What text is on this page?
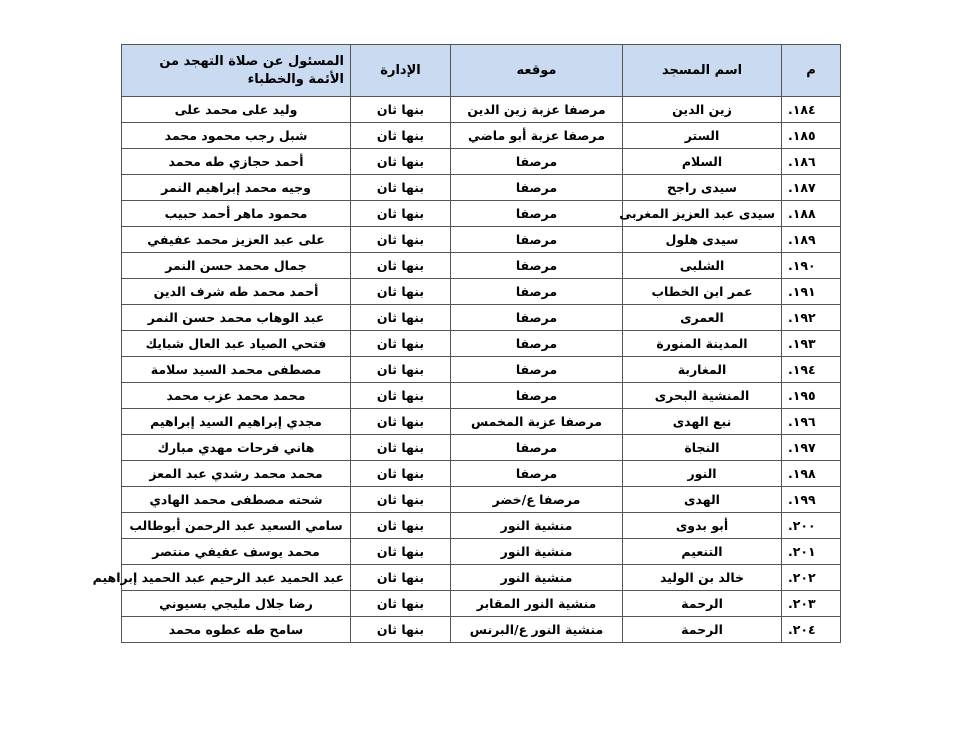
م	اسم المسجد	موقعه	الإدارة	المسئول عن صلاة التهجد من الأئمة والخطباء
١٨٤.	زين الدين	مرصفا عزبة زين الدين	بنها ثان	وليد على محمد على
١٨٥.	الستر	مرصفا عزبة أبو ماضي	بنها ثان	شبل رجب محمود محمد
١٨٦.	السلام	مرصفا	بنها ثان	أحمد حجازي طه محمد
١٨٧.	سيدى راجح	مرصفا	بنها ثان	وجيه محمد إبراهيم النمر
١٨٨.	سيدى عبد العزيز المغربى	مرصفا	بنها ثان	محمود ماهر أحمد حبيب
١٨٩.	سيدى هلول	مرصفا	بنها ثان	على عبد العزيز محمد عفيفي
١٩٠.	الشلبى	مرصفا	بنها ثان	جمال محمد حسن النمر
١٩١.	عمر ابن الخطاب	مرصفا	بنها ثان	أحمد محمد طه شرف الدين
١٩٢.	العمرى	مرصفا	بنها ثان	عبد الوهاب محمد حسن النمر
١٩٣.	المدينة المنورة	مرصفا	بنها ثان	فتحي الصياد عبد العال شبايك
١٩٤.	المغاربة	مرصفا	بنها ثان	مصطفى محمد السيد سلامة
١٩٥.	المنشية البحرى	مرصفا	بنها ثان	محمد محمد عزب محمد
١٩٦.	نبع الهدى	مرصفا عزبة المخمس	بنها ثان	مجدي إبراهيم السيد إبراهيم
١٩٧.	النجاة	مرصفا	بنها ثان	هاني فرحات مهدي مبارك
١٩٨.	النور	مرصفا	بنها ثان	محمد محمد رشدي عبد المعز
١٩٩.	الهدى	مرصفا ع/خضر	بنها ثان	شحته مصطفى محمد الهادي
٢٠٠.	أبو بدوى	منشية النور	بنها ثان	سامي السعيد عبد الرحمن أبوطالب
٢٠١.	التنعيم	منشية النور	بنها ثان	محمد يوسف عفيفي منتصر
٢٠٢.	خالد بن الوليد	منشية النور	بنها ثان	عبد الحميد عبد الرحيم عبد الحميد إبراهيم
٢٠٣.	الرحمة	منشية النور المقابر	بنها ثان	رضا جلال مليجي بسيوني
٢٠٤.	الرحمة	منشية النور ع/البرنس	بنها ثان	سامح طه عطوه محمد
